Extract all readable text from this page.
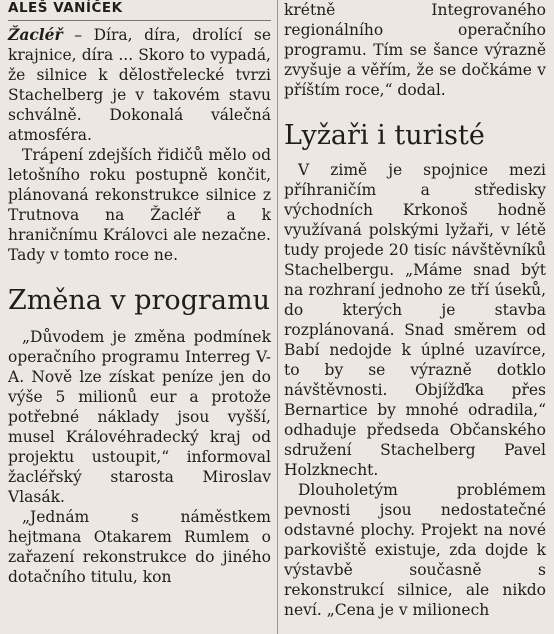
ALEŠ VANÍČEK

Žacléř – Díra, díra, drolící se krajnice, díra ... Skoro to vypadá, že silnice k dělostřelecké tvrzi Stachelberg je v takovém stavu schválně. Dokonalá válečná atmosféra.

Trápení zdejších řidičů mělo od letošního roku postupně končit, plánovaná rekonstrukce silnice z Trutnova na Žacléř a k hraničnímu Královci ale nezačne. Tady v tomto roce ne.

Změna v programu

„Důvodem je změna podmínek operačního programu Interreg V-A. Nově lze získat peníze jen do výše 5 milionů eur a protože potřebné náklady jsou vyšší, musel Královéhradecký kraj od projektu ustoupit,“ informoval žacléřský starosta Miroslav Vlasák.

„Jednám s náměstkem hejtmana Otakarem Rumlem o zařazení rekonstrukce do jiného dotačního titulu, kon

krétně Integrovaného regionálního operačního programu. Tím se šance výrazně zvyšuje a věřím, že se dočkáme v příštím roce,“ dodal.

Lyžaři i turisté

V zimě je spojnice mezi příhraničím a středisky východních Krkonoš hodně využívaná polskými lyžaři, v létě tudy projede 20 tisíc návštěvníků Stachelbergu. „Máme snad být na rozhraní jednoho ze tří úseků, do kterých je stavba rozplánovaná. Snad směrem od Babí nedojde k úplné uzavírce, to by se výrazně dotklo návštěvnosti. Objížďka přes Bernartice by mnohé odradila,“ odhaduje předseda Občanského sdružení Stachelberg Pavel Holzknecht.

Dlouholetým problémem pevnosti jsou nedostatečné odstavné plochy. Projekt na nové parkoviště existuje, zda dojde k výstavbě současně s rekonstrukcí silnice, ale nikdo neví. „Cena je v milionech
